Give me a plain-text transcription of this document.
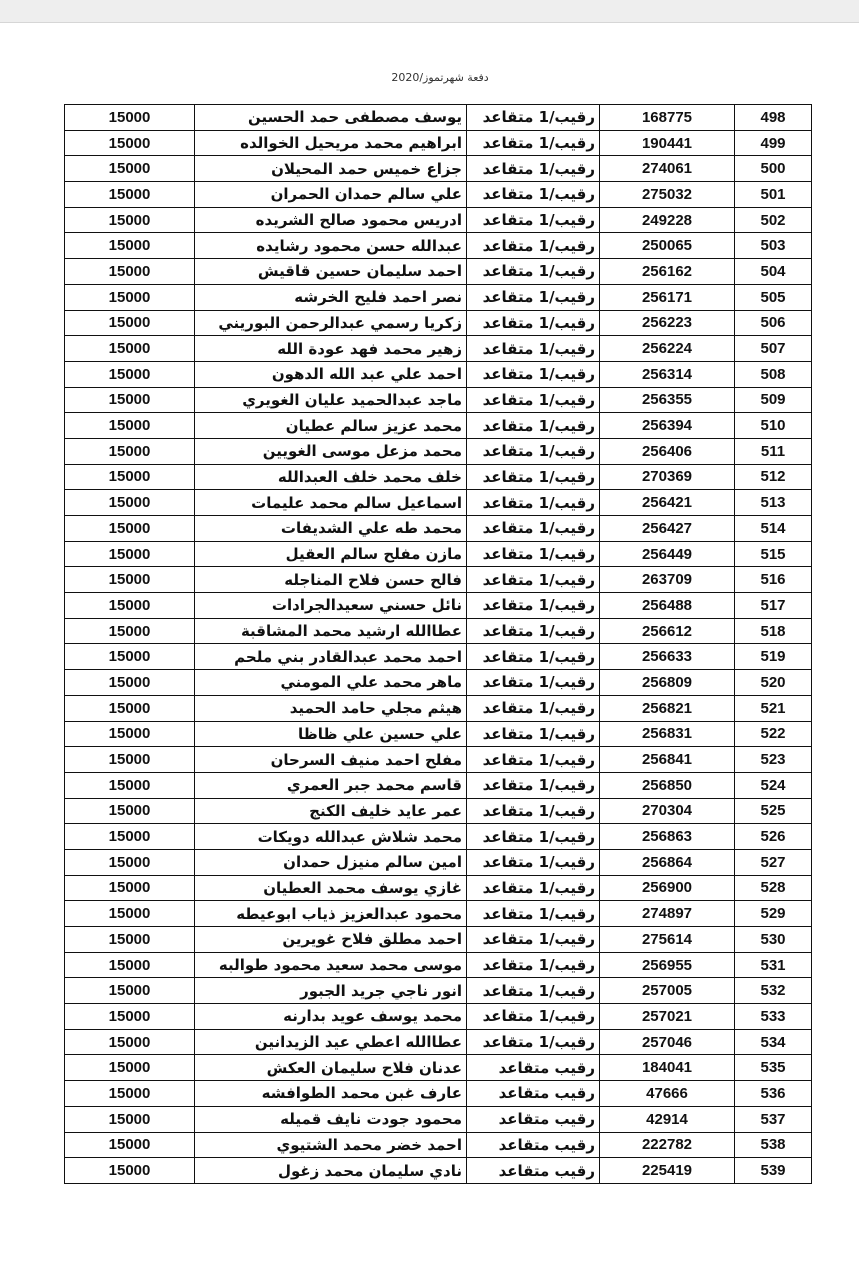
دفعة شهرتموز/2020
498	168775	رقيب/1 متقاعد	يوسف مصطفى حمد الحسين	15000
499	190441	رقيب/1 متقاعد	ابراهيم محمد مريحيل الخوالده	15000
500	274061	رقيب/1 متقاعد	جزاع خميس حمد المحيلان	15000
501	275032	رقيب/1 متقاعد	علي سالم حمدان الحمران	15000
502	249228	رقيب/1 متقاعد	ادريس محمود صالح الشريده	15000
503	250065	رقيب/1 متقاعد	عبدالله حسن محمود رشايده	15000
504	256162	رقيب/1 متقاعد	احمد سليمان حسين قاقيش	15000
505	256171	رقيب/1 متقاعد	نصر احمد فليح الخرشه	15000
506	256223	رقيب/1 متقاعد	زكريا رسمي عبدالرحمن البوريني	15000
507	256224	رقيب/1 متقاعد	زهير محمد فهد عودة الله	15000
508	256314	رقيب/1 متقاعد	احمد علي عبد الله الدهون	15000
509	256355	رقيب/1 متقاعد	ماجد عبدالحميد عليان الغويري	15000
510	256394	رقيب/1 متقاعد	محمد عزيز سالم عطيان	15000
511	256406	رقيب/1 متقاعد	محمد مزعل موسى الغويين	15000
512	270369	رقيب/1 متقاعد	خلف محمد خلف العبدالله	15000
513	256421	رقيب/1 متقاعد	اسماعيل سالم محمد عليمات	15000
514	256427	رقيب/1 متقاعد	محمد طه علي الشديفات	15000
515	256449	رقيب/1 متقاعد	مازن مفلح سالم العقيل	15000
516	263709	رقيب/1 متقاعد	فالح حسن فلاح المناجله	15000
517	256488	رقيب/1 متقاعد	نائل حسني سعيدالجرادات	15000
518	256612	رقيب/1 متقاعد	عطاالله ارشيد محمد المشاقبة	15000
519	256633	رقيب/1 متقاعد	احمد محمد عبدالقادر بني ملحم	15000
520	256809	رقيب/1 متقاعد	ماهر محمد علي المومني	15000
521	256821	رقيب/1 متقاعد	هيثم مجلي حامد الحميد	15000
522	256831	رقيب/1 متقاعد	علي حسين علي ظاظا	15000
523	256841	رقيب/1 متقاعد	مفلح احمد منيف السرحان	15000
524	256850	رقيب/1 متقاعد	قاسم محمد جبر العمري	15000
525	270304	رقيب/1 متقاعد	عمر عايد خليف الكنج	15000
526	256863	رقيب/1 متقاعد	محمد شلاش عبدالله دويكات	15000
527	256864	رقيب/1 متقاعد	امين سالم منيزل حمدان	15000
528	256900	رقيب/1 متقاعد	غازي يوسف محمد العطيان	15000
529	274897	رقيب/1 متقاعد	محمود عبدالعزيز ذياب ابوعيطه	15000
530	275614	رقيب/1 متقاعد	احمد مطلق فلاح غويرين	15000
531	256955	رقيب/1 متقاعد	موسى محمد سعيد محمود طوالبه	15000
532	257005	رقيب/1 متقاعد	انور ناجي جريد الجبور	15000
533	257021	رقيب/1 متقاعد	محمد يوسف عويد بدارنه	15000
534	257046	رقيب/1 متقاعد	عطاالله اعطي عيد الزيدانين	15000
535	184041	رقيب متقاعد	عدنان فلاح سليمان العكش	15000
536	47666	رقيب متقاعد	عارف غبن محمد الطوافشه	15000
537	42914	رقيب متقاعد	محمود جودت نايف قميله	15000
538	222782	رقيب متقاعد	احمد خضر محمد الشتيوي	15000
539	225419	رقيب متقاعد	نادي سليمان محمد زغول	15000
